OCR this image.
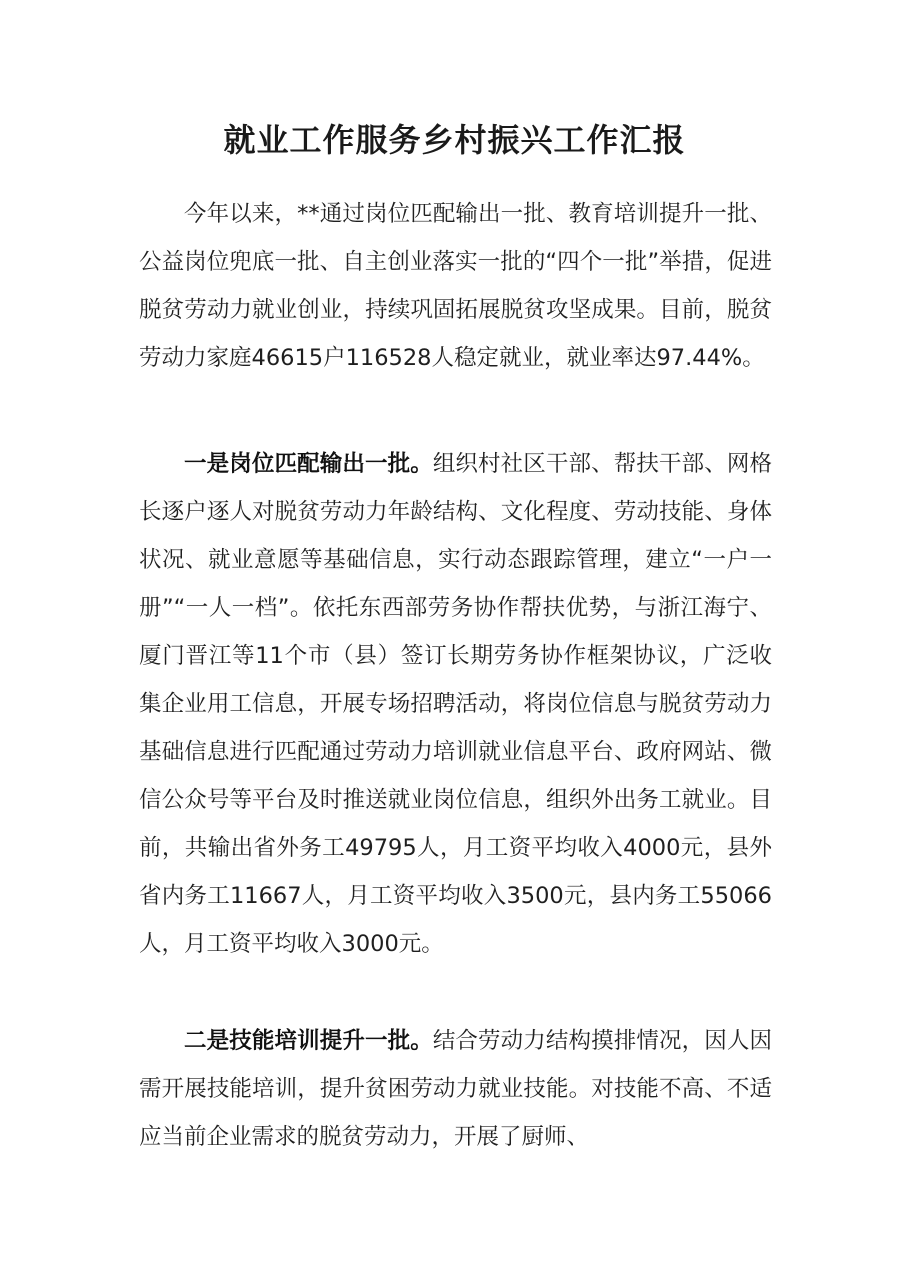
就业工作服务乡村振兴工作汇报

今年以来，**通过岗位匹配输出一批、教育培训提升一批、公益岗位兜底一批、自主创业落实一批的“四个一批”举措，促进脱贫劳动力就业创业，持续巩固拓展脱贫攻坚成果。目前，脱贫劳动力家庭46615户116528人稳定就业，就业率达97.44%。

一是岗位匹配输出一批。组织村社区干部、帮扶干部、网格长逐户逐人对脱贫劳动力年龄结构、文化程度、劳动技能、身体状况、就业意愿等基础信息，实行动态跟踪管理，建立“一户一册”“一人一档”。依托东西部劳务协作帮扶优势，与浙江海宁、厦门晋江等11个市（县）签订长期劳务协作框架协议，广泛收集企业用工信息，开展专场招聘活动，将岗位信息与脱贫劳动力基础信息进行匹配通过劳动力培训就业信息平台、政府网站、微信公众号等平台及时推送就业岗位信息，组织外出务工就业。目前，共输出省外务工49795人，月工资平均收入4000元，县外省内务工11667人，月工资平均收入3500元，县内务工55066人，月工资平均收入3000元。

二是技能培训提升一批。结合劳动力结构摸排情况，因人因需开展技能培训，提升贫困劳动力就业技能。对技能不高、不适应当前企业需求的脱贫劳动力，开展了厨师、
